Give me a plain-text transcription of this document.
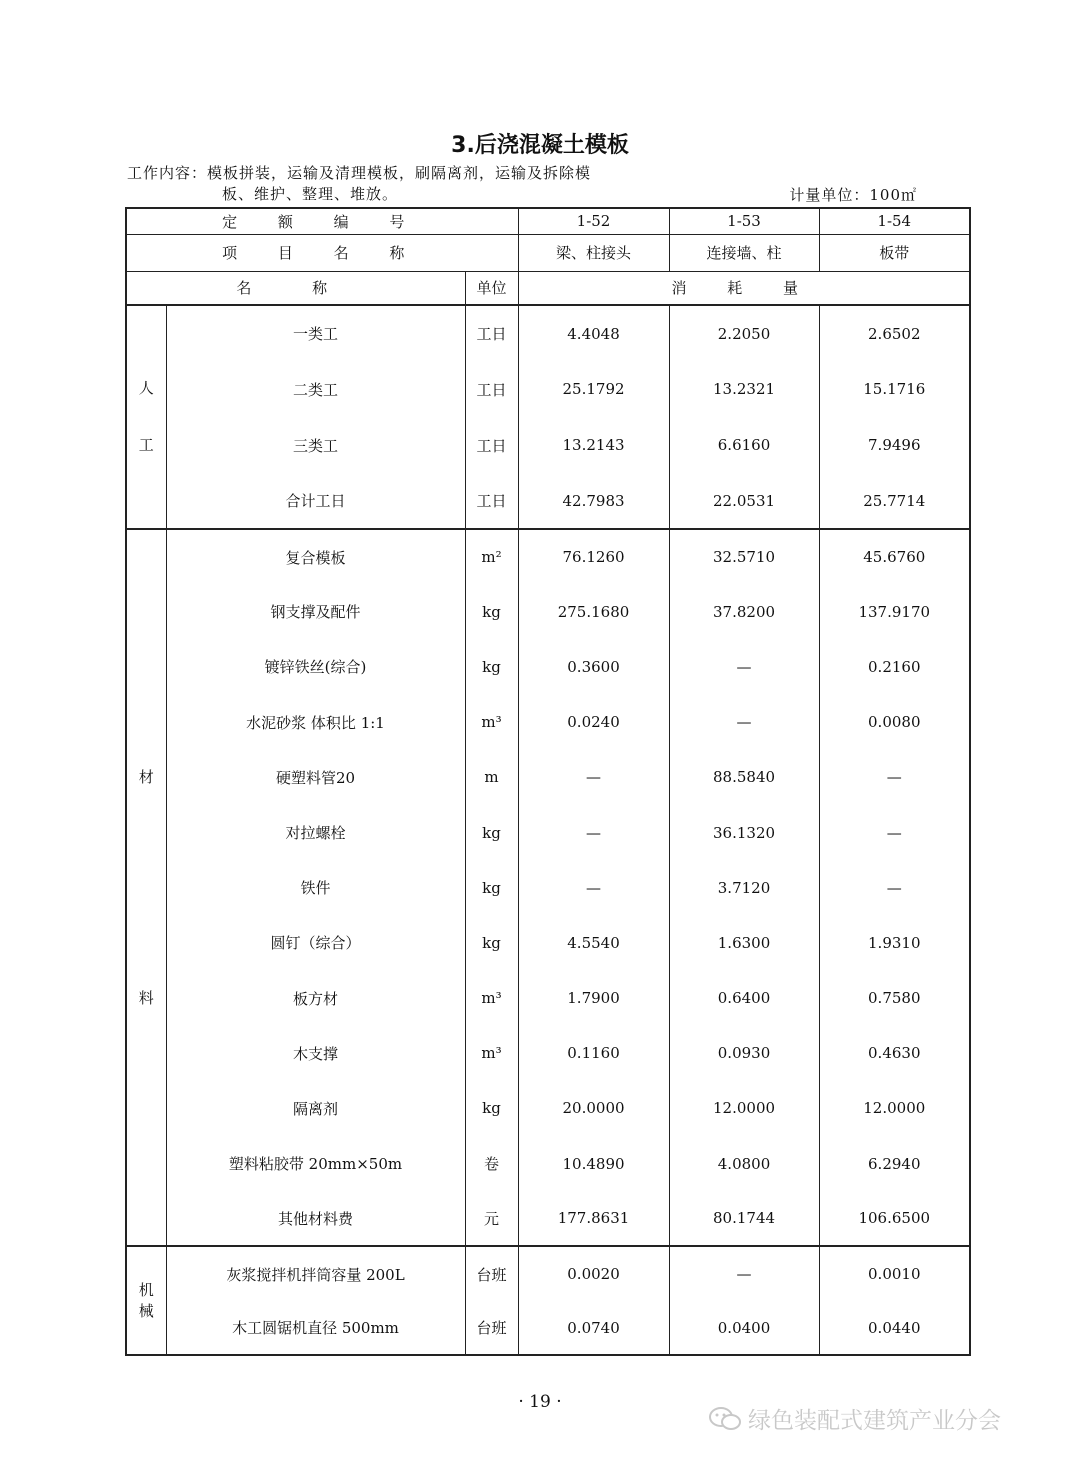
3.后浇混凝土模板
工作内容：模板拼装，运输及清理模板，刷隔离剂，运输及拆除模
板、维护、整理、堆放。	计量单位：100㎡
定 额 编 号			1-52	1-53	1-54
项 目 名 称			梁、柱接头	连接墙、柱	板带
名 称		单位	消 耗 量		

人
工	一类工	工日	4.4048	2.2050	2.6502
	二类工	工日	25.1792	13.2321	15.1716
	三类工	工日	13.2143	6.6160	7.9496
	合计工日	工日	42.7983	22.0531	25.7714

材
料	复合模板	m²	76.1260	32.5710	45.6760
	钢支撑及配件	kg	275.1680	37.8200	137.9170
	镀锌铁丝(综合)	kg	0.3600	—	0.2160
	水泥砂浆 体积比 1:1	m³	0.0240	—	0.0080
	硬塑料管20	m	—	88.5840	—
	对拉螺栓	kg	—	36.1320	—
	铁件	kg	—	3.7120	—
	圆钉（综合）	kg	4.5540	1.6300	1.9310
	板方材	m³	1.7900	0.6400	0.7580
	木支撑	m³	0.1160	0.0930	0.4630
	隔离剂	kg	20.0000	12.0000	12.0000
	塑料粘胶带 20mm×50m	卷	10.4890	4.0800	6.2940
	其他材料费	元	177.8631	80.1744	106.6500

机
械	灰浆搅拌机拌筒容量 200L	台班	0.0020	—	0.0010
	木工圆锯机直径 500mm	台班	0.0740	0.0400	0.0440
· 19 ·
绿色装配式建筑产业分会
